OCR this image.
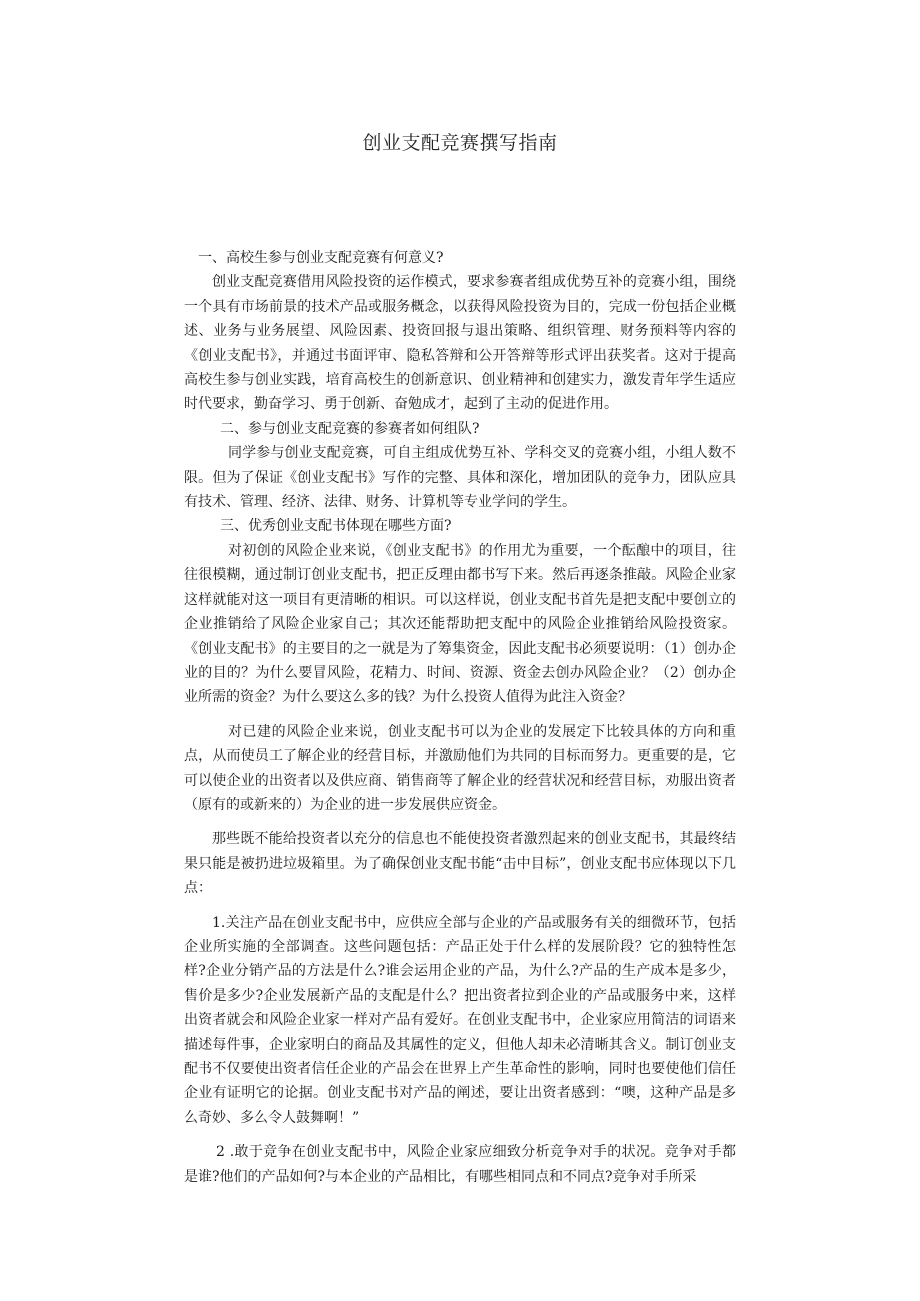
创业支配竞赛撰写指南

一、高校生参与创业支配竞赛有何意义?

创业支配竞赛借用风险投资的运作模式，要求参赛者组成优势互补的竞赛小组，围绕一个具有市场前景的技术产品或服务概念，以获得风险投资为目的，完成一份包括企业概述、业务与业务展望、风险因素、投资回报与退出策略、组织管理、财务预料等内容的《创业支配书》，并通过书面评审、隐私答辩和公开答辩等形式评出获奖者。这对于提高高校生参与创业实践，培育高校生的创新意识、创业精神和创建实力，激发青年学生适应时代要求，勤奋学习、勇于创新、奋勉成才，起到了主动的促进作用。

二、参与创业支配竞赛的参赛者如何组队?

同学参与创业支配竞赛，可自主组成优势互补、学科交叉的竞赛小组，小组人数不限。但为了保证《创业支配书》写作的完整、具体和深化，增加团队的竞争力，团队应具有技术、管理、经济、法律、财务、计算机等专业学问的学生。

三、优秀创业支配书体现在哪些方面?

对初创的风险企业来说，《创业支配书》的作用尤为重要，一个酝酿中的项目，往往很模糊，通过制订创业支配书，把正反理由都书写下来。然后再逐条推敲。风险企业家这样就能对这一项目有更清晰的相识。可以这样说，创业支配书首先是把支配中要创立的企业推销给了风险企业家自己；其次还能帮助把支配中的风险企业推销给风险投资家。《创业支配书》的主要目的之一就是为了筹集资金，因此支配书必须要说明：（1）创办企业的目的？为什么要冒风险，花精力、时间、资源、资金去创办风险企业？（2）创办企业所需的资金？为什么要这么多的钱？为什么投资人值得为此注入资金？

对已建的风险企业来说，创业支配书可以为企业的发展定下比较具体的方向和重点，从而使员工了解企业的经营目标，并激励他们为共同的目标而努力。更重要的是，它可以使企业的出资者以及供应商、销售商等了解企业的经营状况和经营目标，劝服出资者（原有的或新来的）为企业的进一步发展供应资金。

那些既不能给投资者以充分的信息也不能使投资者激烈起来的创业支配书，其最终结果只能是被扔进垃圾箱里。为了确保创业支配书能“击中目标”，创业支配书应体现以下几点：

1.关注产品在创业支配书中，应供应全部与企业的产品或服务有关的细微环节，包括企业所实施的全部调查。这些问题包括：产品正处于什么样的发展阶段？它的独特性怎样?企业分销产品的方法是什么?谁会运用企业的产品，为什么?产品的生产成本是多少，售价是多少?企业发展新产品的支配是什么？把出资者拉到企业的产品或服务中来，这样出资者就会和风险企业家一样对产品有爱好。在创业支配书中，企业家应用简洁的词语来描述每件事，企业家明白的商品及其属性的定义，但他人却未必清晰其含义。制订创业支配书不仅要使出资者信任企业的产品会在世界上产生革命性的影响，同时也要使他们信任企业有证明它的论据。创业支配书对产品的阐述，要让出资者感到：“噢，这种产品是多么奇妙、多么令人鼓舞啊！”

2 .敢于竞争在创业支配书中，风险企业家应细致分析竞争对手的状况。竞争对手都是谁?他们的产品如何?与本企业的产品相比，有哪些相同点和不同点?竞争对手所采
